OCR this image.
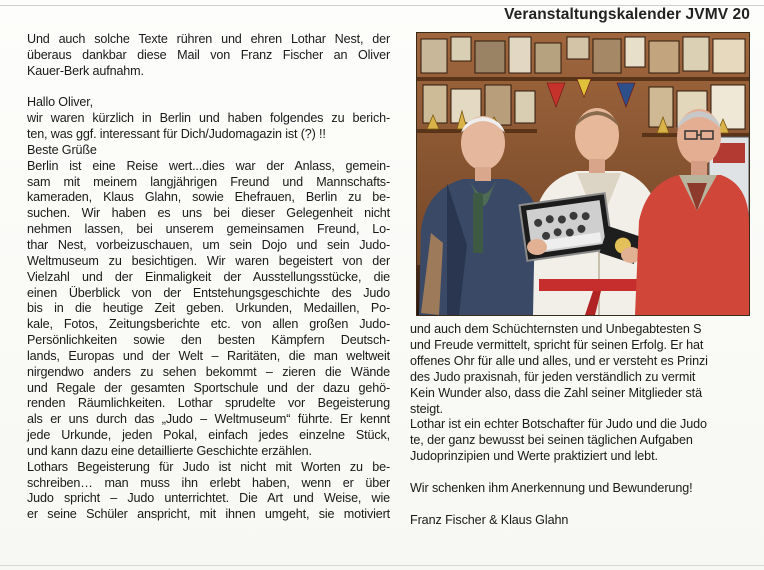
Veranstaltungskalender JVMV 20

Und auch solche Texte rühren und ehren Lothar Nest, der

überaus dankbar diese Mail von Franz Fischer an Oliver

Kauer-Berk aufnahm.

Hallo Oliver,

wir waren kürzlich in Berlin und haben folgendes zu berich-

ten, was ggf. interessant für Dich/Judomagazin ist (?) !!

Beste Grüße

Berlin ist eine Reise wert...dies war der Anlass, gemein-

sam mit meinem langjährigen Freund und Mannschafts-

kameraden, Klaus Glahn, sowie Ehefrauen, Berlin zu be-

suchen. Wir haben es uns bei dieser Gelegenheit nicht

nehmen lassen, bei unserem gemeinsamen Freund, Lo-

thar Nest, vorbeizuschauen, um sein Dojo und sein Judo-

Weltmuseum zu besichtigen. Wir waren begeistert von der

Vielzahl und der Einmaligkeit der Ausstellungsstücke, die

einen Überblick von der Entstehungsgeschichte des Judo

bis in die heutige Zeit geben. Urkunden, Medaillen, Po-

kale, Fotos, Zeitungsberichte etc. von allen großen Judo-

Persönlichkeiten sowie den besten Kämpfern Deutsch-

lands, Europas und der Welt – Raritäten, die man weltweit

nirgendwo anders zu sehen bekommt – zieren die Wände

und Regale der gesamten Sportschule und der dazu gehö-

renden Räumlichkeiten. Lothar sprudelte vor Begeisterung

als er uns durch das „Judo – Weltmuseum“ führte. Er kennt

jede Urkunde, jeden Pokal, einfach jedes einzelne Stück,

und kann dazu eine detaillierte Geschichte erzählen.

Lothars Begeisterung für Judo ist nicht mit Worten zu be-

schreiben… man muss ihn erlebt haben, wenn er über

Judo spricht – Judo unterrichtet. Die Art und Weise, wie

er seine Schüler anspricht, mit ihnen umgeht, sie motiviert

und auch dem Schüchternsten und Unbegabtesten S

und Freude vermittelt, spricht für seinen Erfolg. Er hat

offenes Ohr für alle und alles, und er versteht es Prinzi

des Judo praxisnah, für jeden verständlich zu vermit

Kein Wunder also, dass die Zahl seiner Mitglieder stä

steigt.

Lothar ist ein echter Botschafter für Judo und die Judo

te, der ganz bewusst bei seinen täglichen Aufgaben

Judoprinzipien und Werte praktiziert und lebt.

Wir schenken ihm Anerkennung und Bewunderung!

Franz Fischer & Klaus Glahn
